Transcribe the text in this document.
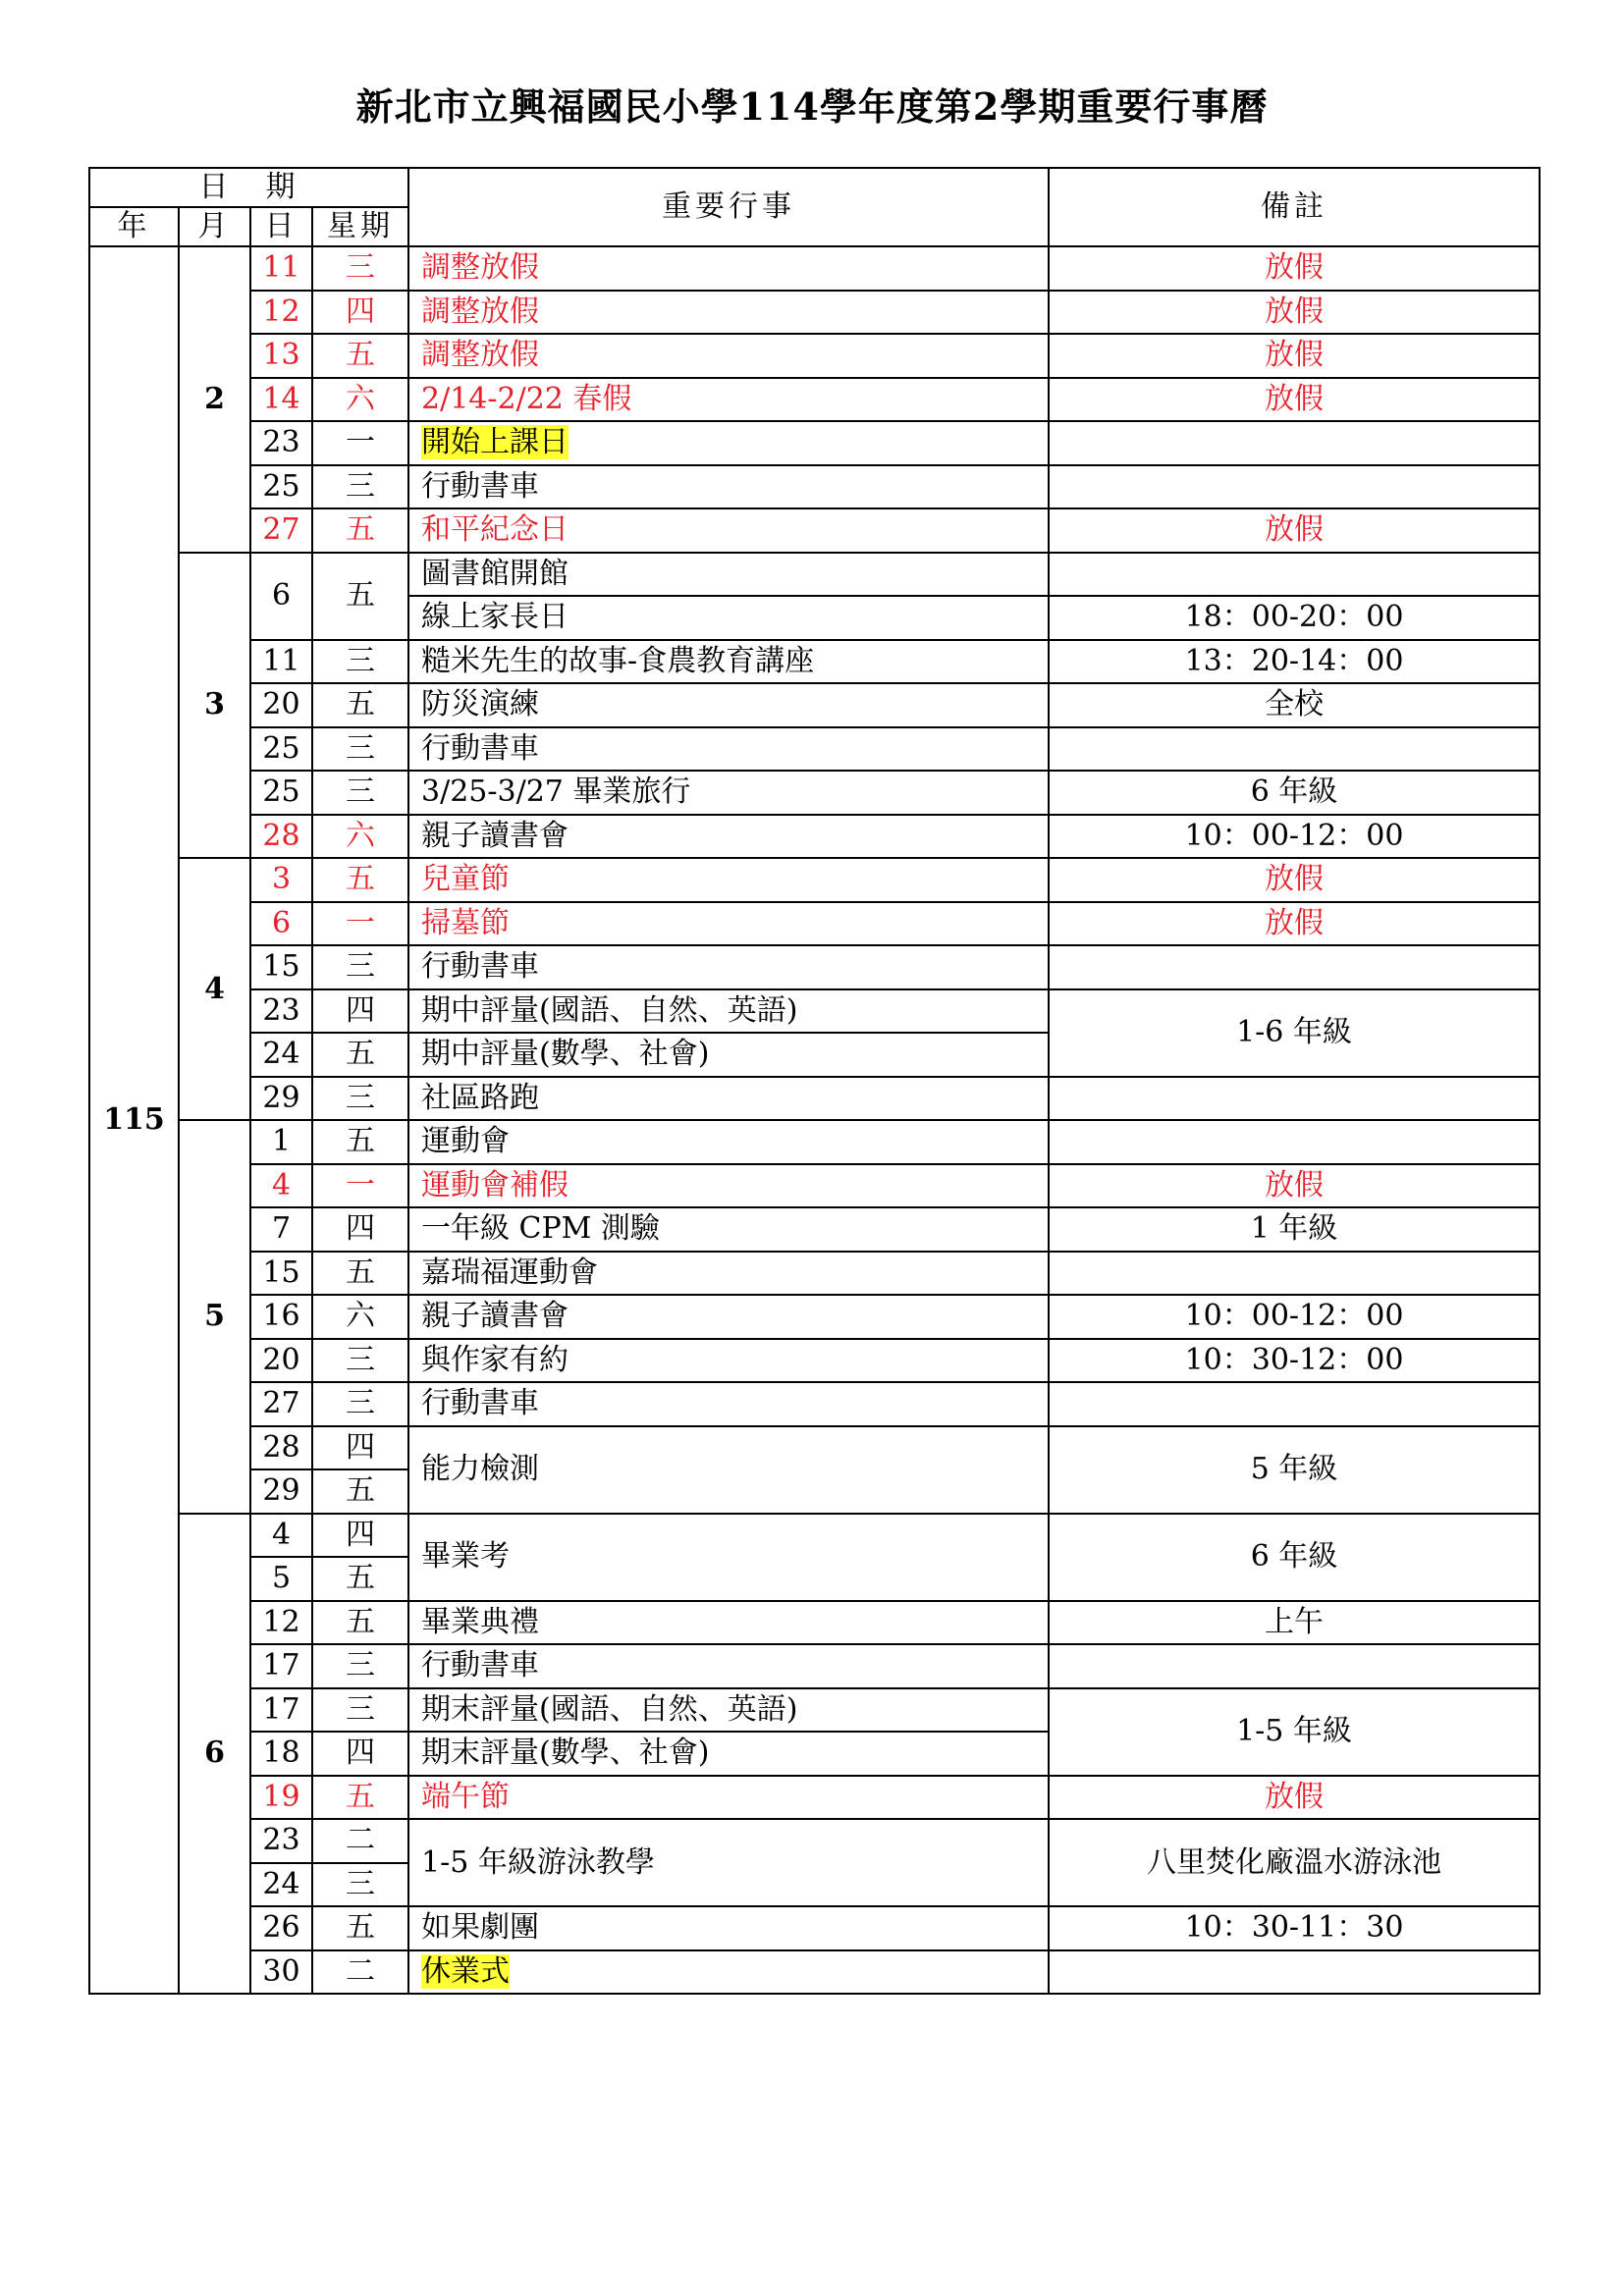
新北市立興福國民小學114學年度第2學期重要行事曆
日　期				重要行事	備註
年	月	日	星期		
115	2	11	三	調整放假	放假
		12	四	調整放假	放假
		13	五	調整放假	放假
		14	六	2/14-2/22 春假	放假
		23	一	開始上課日	
		25	三	行動書車	
		27	五	和平紀念日	放假
	3	6	五	圖書館開館	
				線上家長日	18：00-20：00
		11	三	糙米先生的故事-食農教育講座	13：20-14：00
		20	五	防災演練	全校
		25	三	行動書車	
		25	三	3/25-3/27 畢業旅行	6 年級
		28	六	親子讀書會	10：00-12：00
	4	3	五	兒童節	放假
		6	一	掃墓節	放假
		15	三	行動書車	
		23	四	期中評量(國語、自然、英語)	1-6 年級
		24	五	期中評量(數學、社會)	
		29	三	社區路跑	
	5	1	五	運動會	
		4	一	運動會補假	放假
		7	四	一年級 CPM 測驗	1 年級
		15	五	嘉瑞福運動會	
		16	六	親子讀書會	10：00-12：00
		20	三	與作家有約	10：30-12：00
		27	三	行動書車	
		28	四	能力檢測	5 年級
		29	五		
	6	4	四	畢業考	6 年級
		5	五		
		12	五	畢業典禮	上午
		17	三	行動書車	
		17	三	期末評量(國語、自然、英語)	1-5 年級
		18	四	期末評量(數學、社會)	
		19	五	端午節	放假
		23	二	1-5 年級游泳教學	八里焚化廠溫水游泳池
		24	三		
		26	五	如果劇團	10：30-11：30
		30	二	休業式	
